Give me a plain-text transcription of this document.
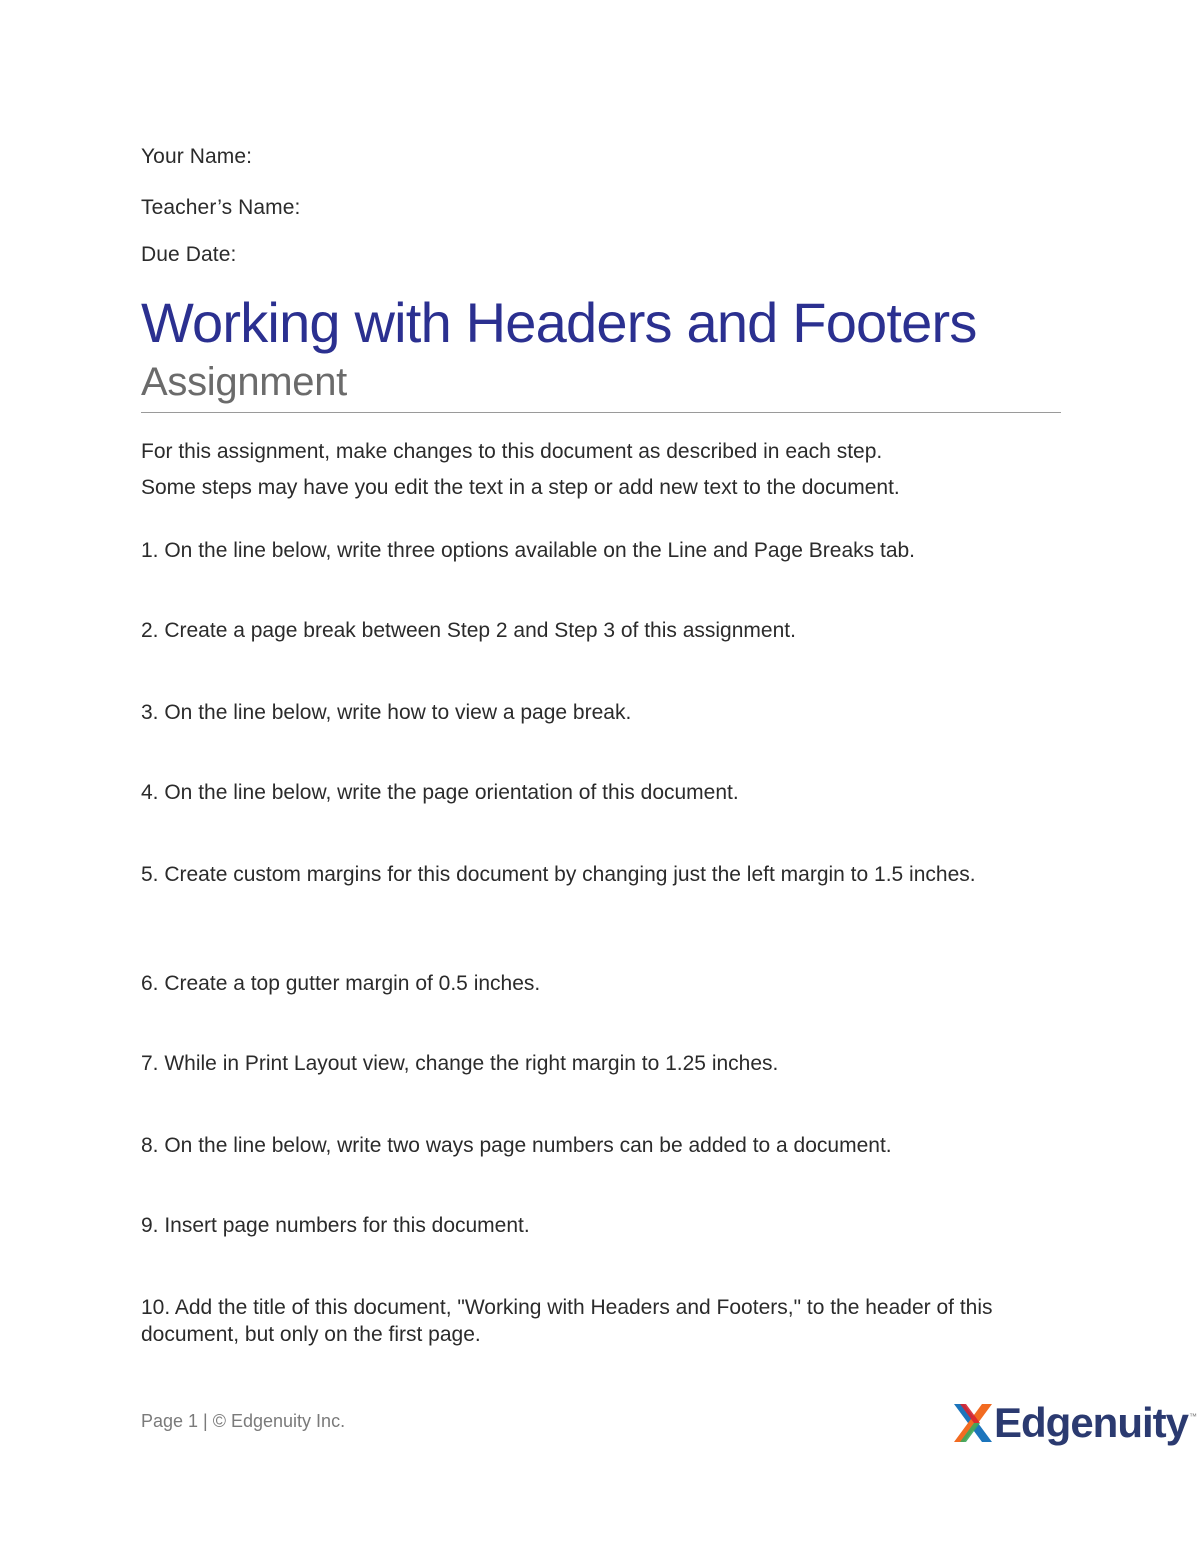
Your Name:
Teacher’s Name:
Due Date:
Working with Headers and Footers
Assignment
For this assignment, make changes to this document as described in each step.
Some steps may have you edit the text in a step or add new text to the document.
1. On the line below, write three options available on the Line and Page Breaks tab.
2. Create a page break between Step 2 and Step 3 of this assignment.
3. On the line below, write how to view a page break.
4. On the line below, write the page orientation of this document.
5. Create custom margins for this document by changing just the left margin to 1.5 inches.
6. Create a top gutter margin of 0.5 inches.
7. While in Print Layout view, change the right margin to 1.25 inches.
8. On the line below, write two ways page numbers can be added to a document.
9. Insert page numbers for this document.
10. Add the title of this document, "Working with Headers and Footers," to the header of this document, but only on the first page.
Page 1 | © Edgenuity Inc.	Edgenuity ™
